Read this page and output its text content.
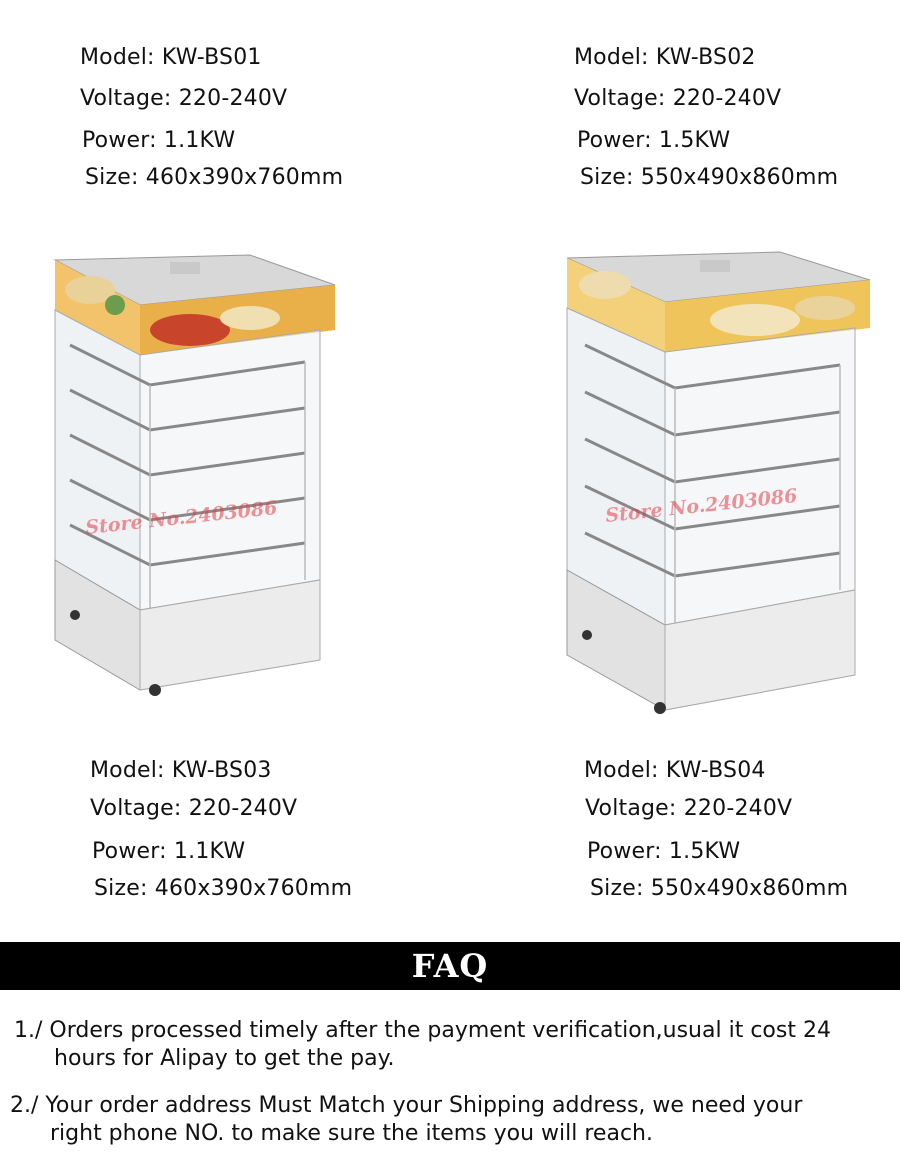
Model: KW-BS01
Voltage: 220-240V
Power: 1.1KW
Size: 460x390x760mm
Model: KW-BS02
Voltage: 220-240V
Power: 1.5KW
Size: 550x490x860mm
Store No.2403086	Store No.2403086
Model: KW-BS03
Voltage: 220-240V
Power: 1.1KW
Size: 460x390x760mm
Model: KW-BS04
Voltage: 220-240V
Power: 1.5KW
Size: 550x490x860mm
FAQ
1./ Orders processed timely after the payment verification,usual it cost 24
hours for Alipay to get the pay.
2./ Your order address Must Match your Shipping address, we need your
right phone NO. to make sure the items you will reach.
